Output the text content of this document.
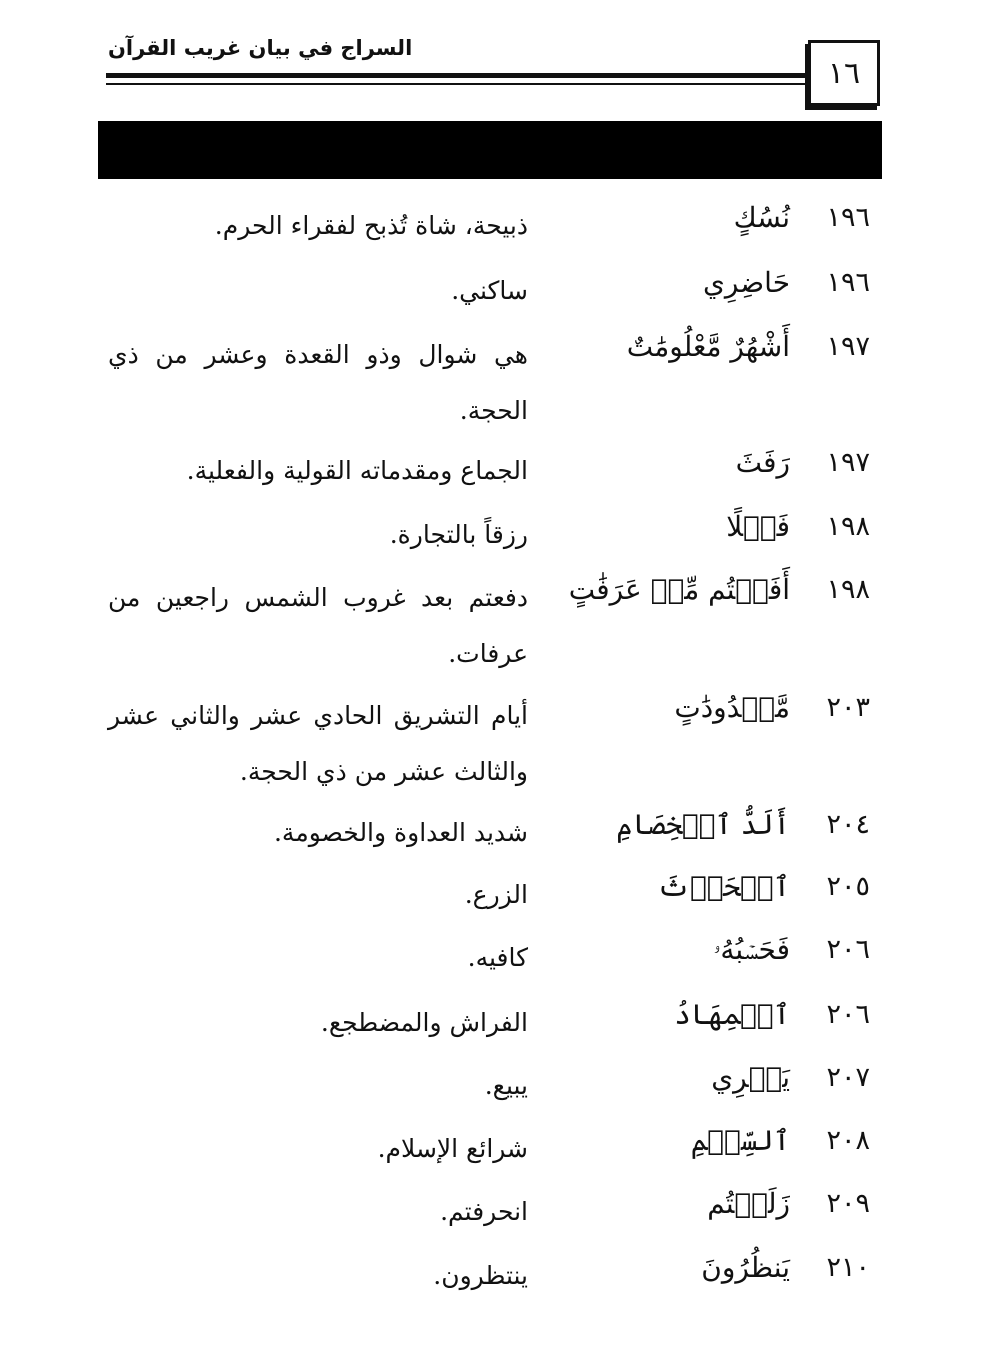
السراج في بيان غريب القرآن
١٦
١٩٦
نُسُكٍ
ذبيحة، شاة تُذبح لفقراء الحرم.
١٩٦
حَاضِرِي
ساكني.
١٩٧
أَشْهُرٌ مَّعْلُومَٰتٌ
هي شوال وذو القعدة وعشر من ذي الحجة.
١٩٧
رَفَثَ
الجماع ومقدماته القولية والفعلية.
١٩٨
فَضۡلًا
رزقاً بالتجارة.
١٩٨
أَفَضۡتُم مِّنۡ عَرَفَٰتٍ
دفعتم بعد غروب الشمس راجعين من عرفات.
٢٠٣
مَّعۡدُودَٰتٍ
أيام التشريق الحادي عشر والثاني عشر والثالث عشر من ذي الحجة.
٢٠٤
أَلَدُّ ٱلۡخِصَامِ
شديد العداوة والخصومة.
٢٠٥
ٱلۡحَرۡثَ
الزرع.
٢٠٦
فَحَسۡبُهُۥ
كافيه.
٢٠٦
ٱلۡمِهَادُ
الفراش والمضطجع.
٢٠٧
يَشۡرِي
يبيع.
٢٠٨
ٱلسِّلۡمِ
شرائع الإسلام.
٢٠٩
زَلَلۡتُم
انحرفتم.
٢١٠
يَنظُرُونَ
ينتظرون.
